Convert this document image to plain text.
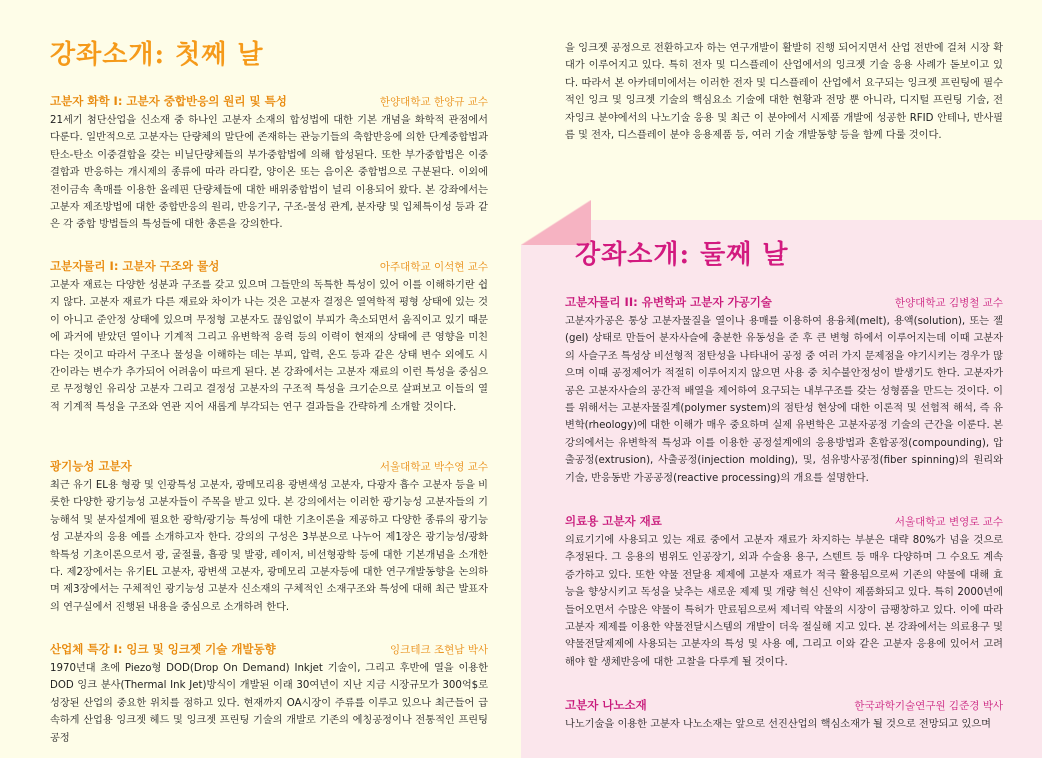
강좌소개: 첫째 날
고분자 화학 I: 고분자 중합반응의 원리 및 특성	한양대학교 한양규 교수

21세기 첨단산업을 신소재 중 하나인 고분자 소재의 합성법에 대한 기본 개념을 화학적 관점에서 다룬다. 일반적으로 고분자는 단량체의 말단에 존재하는 관능기들의 축합반응에 의한 단계중합법과 탄소-탄소 이중결합을 갖는 비닐단량체들의 부가중합법에 의해 합성된다. 또한 부가중합법은 이중결합과 반응하는 개시제의 종류에 따라 라디칼, 양이온 또는 음이온 중합법으로 구분된다. 이외에 전이금속 촉매를 이용한 올레핀 단량체들에 대한 배위중합법이 널리 이용되어 왔다. 본 강좌에서는 고분자 제조방법에 대한 중합반응의 원리, 반응기구, 구조-물성 관계, 분자량 및 입체특이성 등과 같은 각 중합 방법들의 특성들에 대한 총론을 강의한다.

고분자물리 I: 고분자 구조와 물성	아주대학교 이석현 교수

고분자 재료는 다양한 성분과 구조를 갖고 있으며 그들만의 독특한 특성이 있어 이를 이해하기란 쉽지 않다. 고분자 재료가 다른 재료와 차이가 나는 것은 고분자 결정은 열역학적 평형 상태에 있는 것이 아니고 준안정 상태에 있으며 무정형 고분자도 끊임없이 부피가 축소되면서 움직이고 있기 때문에 과거에 받았던 열이나 기계적 그리고 유변학적 응력 등의 이력이 현재의 상태에 큰 영향을 미친다는 것이고 따라서 구조나 물성을 이해하는 데는 부피, 압력, 온도 등과 같은 상태 변수 외에도 시간이라는 변수가 추가되어 어려움이 따르게 된다. 본 강좌에서는 고분자 재료의 이런 특성을 중심으로 무정형인 유리상 고분자 그리고 결정성 고분자의 구조적 특성을 크기순으로 살펴보고 이들의 열적 기계적 특성을 구조와 연관 지어 새롭게 부각되는 연구 결과들을 간략하게 소개할 것이다.

광기능성 고분자	서울대학교 박수영 교수

최근 유기 EL용 형광 및 인광특성 고분자, 광메모리용 광변색성 고분자, 다광자 흡수 고분자 등을 비롯한 다양한 광기능성 고분자들이 주목을 받고 있다. 본 강의에서는 이러한 광기능성 고분자들의 기능해석 및 분자설계에 필요한 광학/광기능 특성에 대한 기초이론을 제공하고 다양한 종류의 광기능성 고분자의 응용 예를 소개하고자 한다. 강의의 구성은 3부분으로 나누어 제1장은 광기능성/광화학특성 기초이론으로서 광, 굴절률, 흡광 및 발광, 레이저, 비선형광학 등에 대한 기본개념을 소개한다. 제2장에서는 유기EL 고분자, 광변색 고분자, 광메모리 고분자등에 대한 연구개발동향을 논의하며 제3장에서는 구체적인 광기능성 고분자 신소재의 구체적인 소재구조와 특성에 대해 최근 발표자의 연구실에서 진행된 내용을 중심으로 소개하려 한다.

산업체 특강 I: 잉크 및 잉크젯 기술 개발동향	잉크테크 조현남 박사

1970년대 초에 Piezo형 DOD(Drop On Demand) Inkjet 기술이, 그리고 후반에 열을 이용한 DOD 잉크 분사(Thermal Ink Jet)방식이 개발된 이래 30여년이 지난 지금 시장규모가 300억$로 성장된 산업의 중요한 위치를 점하고 있다. 현재까지 OA시장이 주류를 이루고 있으나 최근들어 급속하게 산업용 잉크젯 헤드 및 잉크젯 프린팅 기술의 개발로 기존의 에칭공정이나 전통적인 프린팅 공정

을 잉크젯 공정으로 전환하고자 하는 연구개발이 활발히 진행 되어지면서 산업 전반에 걸쳐 시장 확대가 이루어지고 있다. 특히 전자 및 디스플레이 산업에서의 잉크젯 기술 응용 사례가 돋보이고 있다. 따라서 본 아카데미에서는 이러한 전자 및 디스플레이 산업에서 요구되는 잉크젯 프린팅에 필수적인 잉크 및 잉크젯 기술의 핵심요소 기술에 대한 현황과 전망 뿐 아니라, 디지털 프린팅 기술, 전자잉크 분야에서의 나노기술 응용 및 최근 이 분야에서 시제품 개발에 성공한 RFID 안테나, 반사필름 및 전자, 디스플레이 분야 응용제품 등, 여러 기술 개발동향 등을 함께 다룰 것이다.

강좌소개: 둘째 날
고분자물리 II: 유변학과 고분자 가공기술	한양대학교 김병철 교수

고분자가공은 통상 고분자물질을 열이나 용매를 이용하여 용융체(melt), 용액(solution), 또는 젤(gel) 상태로 만들어 분자사슬에 충분한 유동성을 준 후 큰 변형 하에서 이루어지는데 이때 고분자의 사슬구조 특성상 비선형적 점탄성을 나타내어 공정 중 여러 가지 문제점을 야기시키는 경우가 많으며 이때 공정제어가 적절히 이루어지지 않으면 사용 중 치수불안정성이 발생기도 한다. 고분자가공은 고분자사슬의 공간적 배열을 제어하여 요구되는 내부구조를 갖는 성형품을 만드는 것이다. 이를 위해서는 고분자물질계(polymer system)의 점탄성 현상에 대한 이론적 및 선험적 해석, 즉 유변학(rheology)에 대한 이해가 매우 중요하며 실제 유변학은 고분자공정 기술의 근간을 이룬다. 본 강의에서는 유변학적 특성과 이를 이용한 공정설계에의 응용방법과 혼합공정(compounding), 압출공정(extrusion), 사출공정(injection molding), 및, 섬유방사공정(fiber spinning)의 원리와 기술, 반응동반 가공공정(reactive processing)의 개요를 설명한다.

의료용 고분자 재료	서울대학교 변영로 교수

의료기기에 사용되고 있는 재료 중에서 고분자 재료가 차지하는 부분은 대략 80%가 넘을 것으로 추정된다. 그 응용의 범위도 인공장기, 외과 수술용 용구, 스텐트 등 매우 다양하며 그 수요도 계속 증가하고 있다. 또한 약물 전달용 제제에 고분자 재료가 적극 활용됨으로써 기존의 약물에 대해 효능을 향상시키고 독성을 낮추는 새로운 제제 및 개량 혁신 신약이 제품화되고 있다. 특히 2000년에 들어오면서 수많은 약물이 특허가 만료됨으로써 제너릭 약물의 시장이 급팽창하고 있다. 이에 따라 고분자 제제를 이용한 약물전달시스템의 개발이 더욱 절실해 지고 있다. 본 강좌에서는 의료용구 및 약물전달제제에 사용되는 고분자의 특성 및 사용 예, 그리고 이와 같은 고분자 응용에 있어서 고려해야 할 생체반응에 대한 고찰을 다루게 될 것이다.

고분자 나노소재	한국과학기술연구원 김준경 박사

나노기술을 이용한 고분자 나노소재는 앞으로 선진산업의 핵심소재가 될 것으로 전망되고 있으며
